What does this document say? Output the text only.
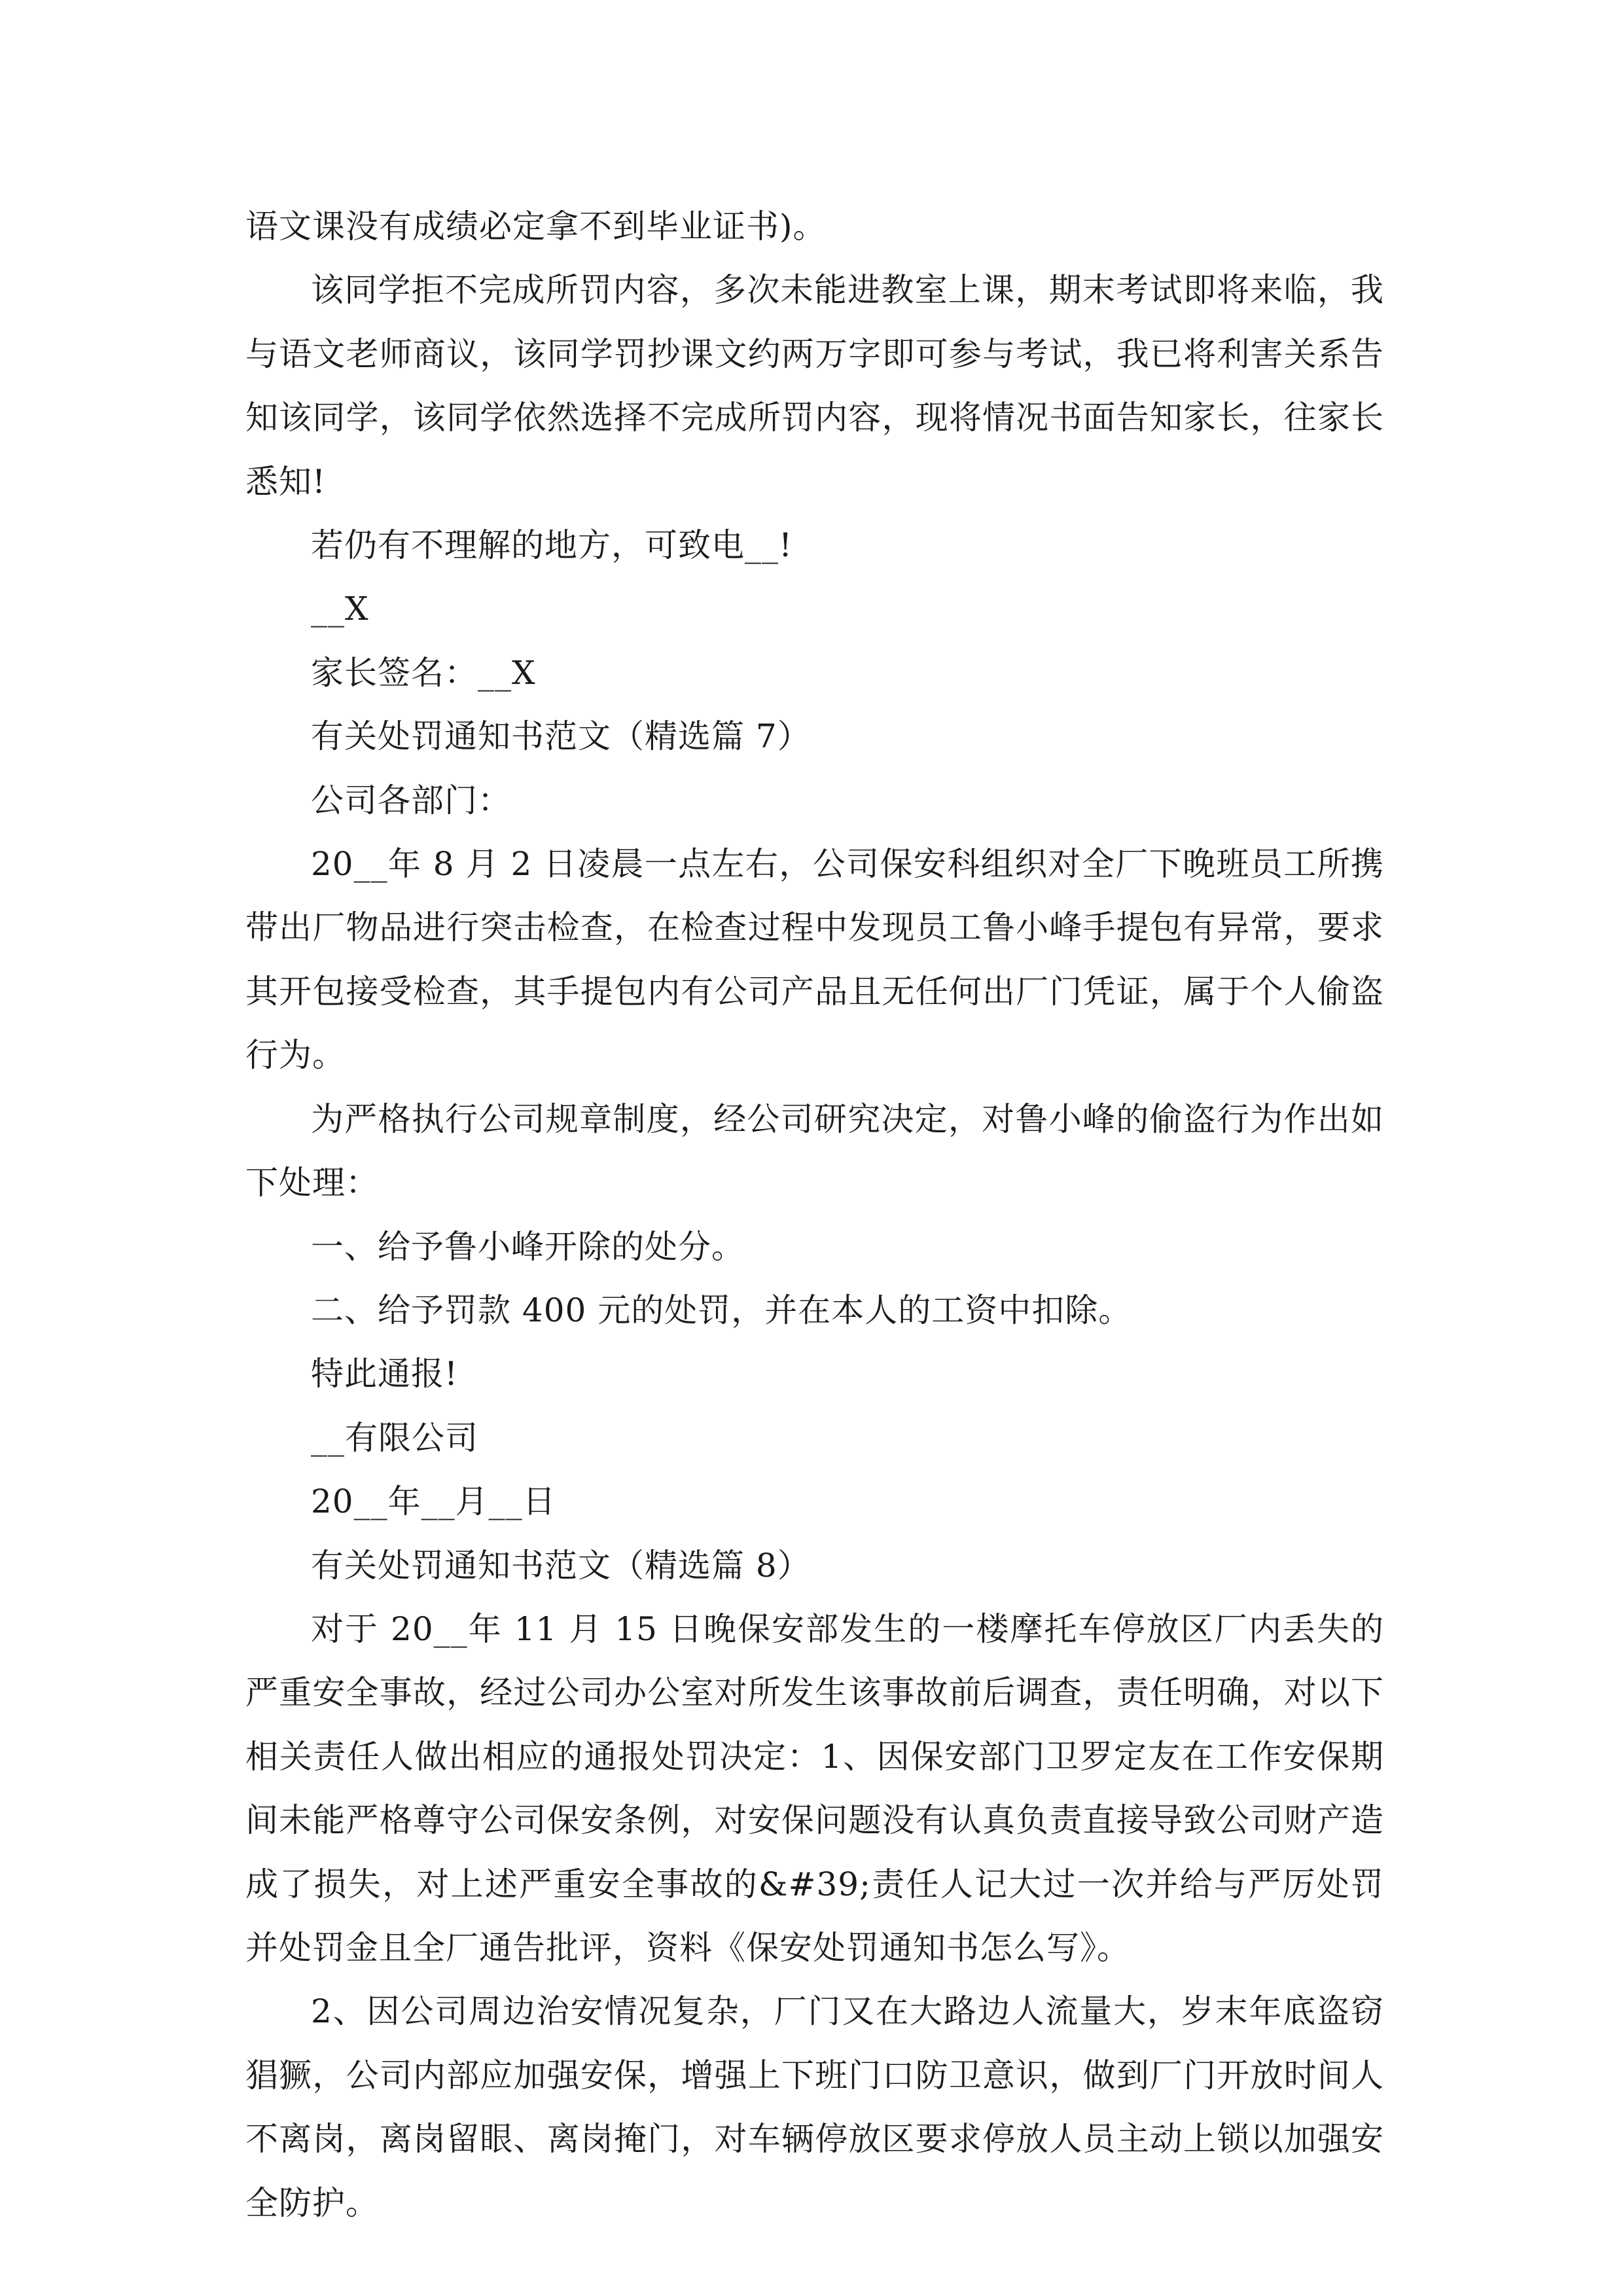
语文课没有成绩必定拿不到毕业证书)。

该同学拒不完成所罚内容，多次未能进教室上课，期末考试即将来临，我与语文老师商议，该同学罚抄课文约两万字即可参与考试，我已将利害关系告知该同学，该同学依然选择不完成所罚内容，现将情况书面告知家长，往家长悉知!

若仍有不理解的地方，可致电__!

__X

家长签名：__X

有关处罚通知书范文（精选篇 7）

公司各部门：

20__年 8 月 2 日凌晨一点左右，公司保安科组织对全厂下晚班员工所携带出厂物品进行突击检查，在检查过程中发现员工鲁小峰手提包有异常，要求其开包接受检查，其手提包内有公司产品且无任何出厂门凭证，属于个人偷盗行为。

为严格执行公司规章制度，经公司研究决定，对鲁小峰的偷盗行为作出如下处理：

一、给予鲁小峰开除的处分。

二、给予罚款 400 元的处罚，并在本人的工资中扣除。

特此通报!

__有限公司

20__年__月__日

有关处罚通知书范文（精选篇 8）

对于 20__年 11 月 15 日晚保安部发生的一楼摩托车停放区厂内丢失的严重安全事故，经过公司办公室对所发生该事故前后调查，责任明确，对以下相关责任人做出相应的通报处罚决定：1、因保安部门卫罗定友在工作安保期间未能严格尊守公司保安条例，对安保问题没有认真负责直接导致公司财产造成了损失，对上述严重安全事故的&#39;责任人记大过一次并给与严厉处罚并处罚金且全厂通告批评，资料《保安处罚通知书怎么写》。

2、因公司周边治安情况复杂，厂门又在大路边人流量大，岁末年底盗窃猖獗，公司内部应加强安保，增强上下班门口防卫意识，做到厂门开放时间人不离岗，离岗留眼、离岗掩门，对车辆停放区要求停放人员主动上锁以加强安全防护。
